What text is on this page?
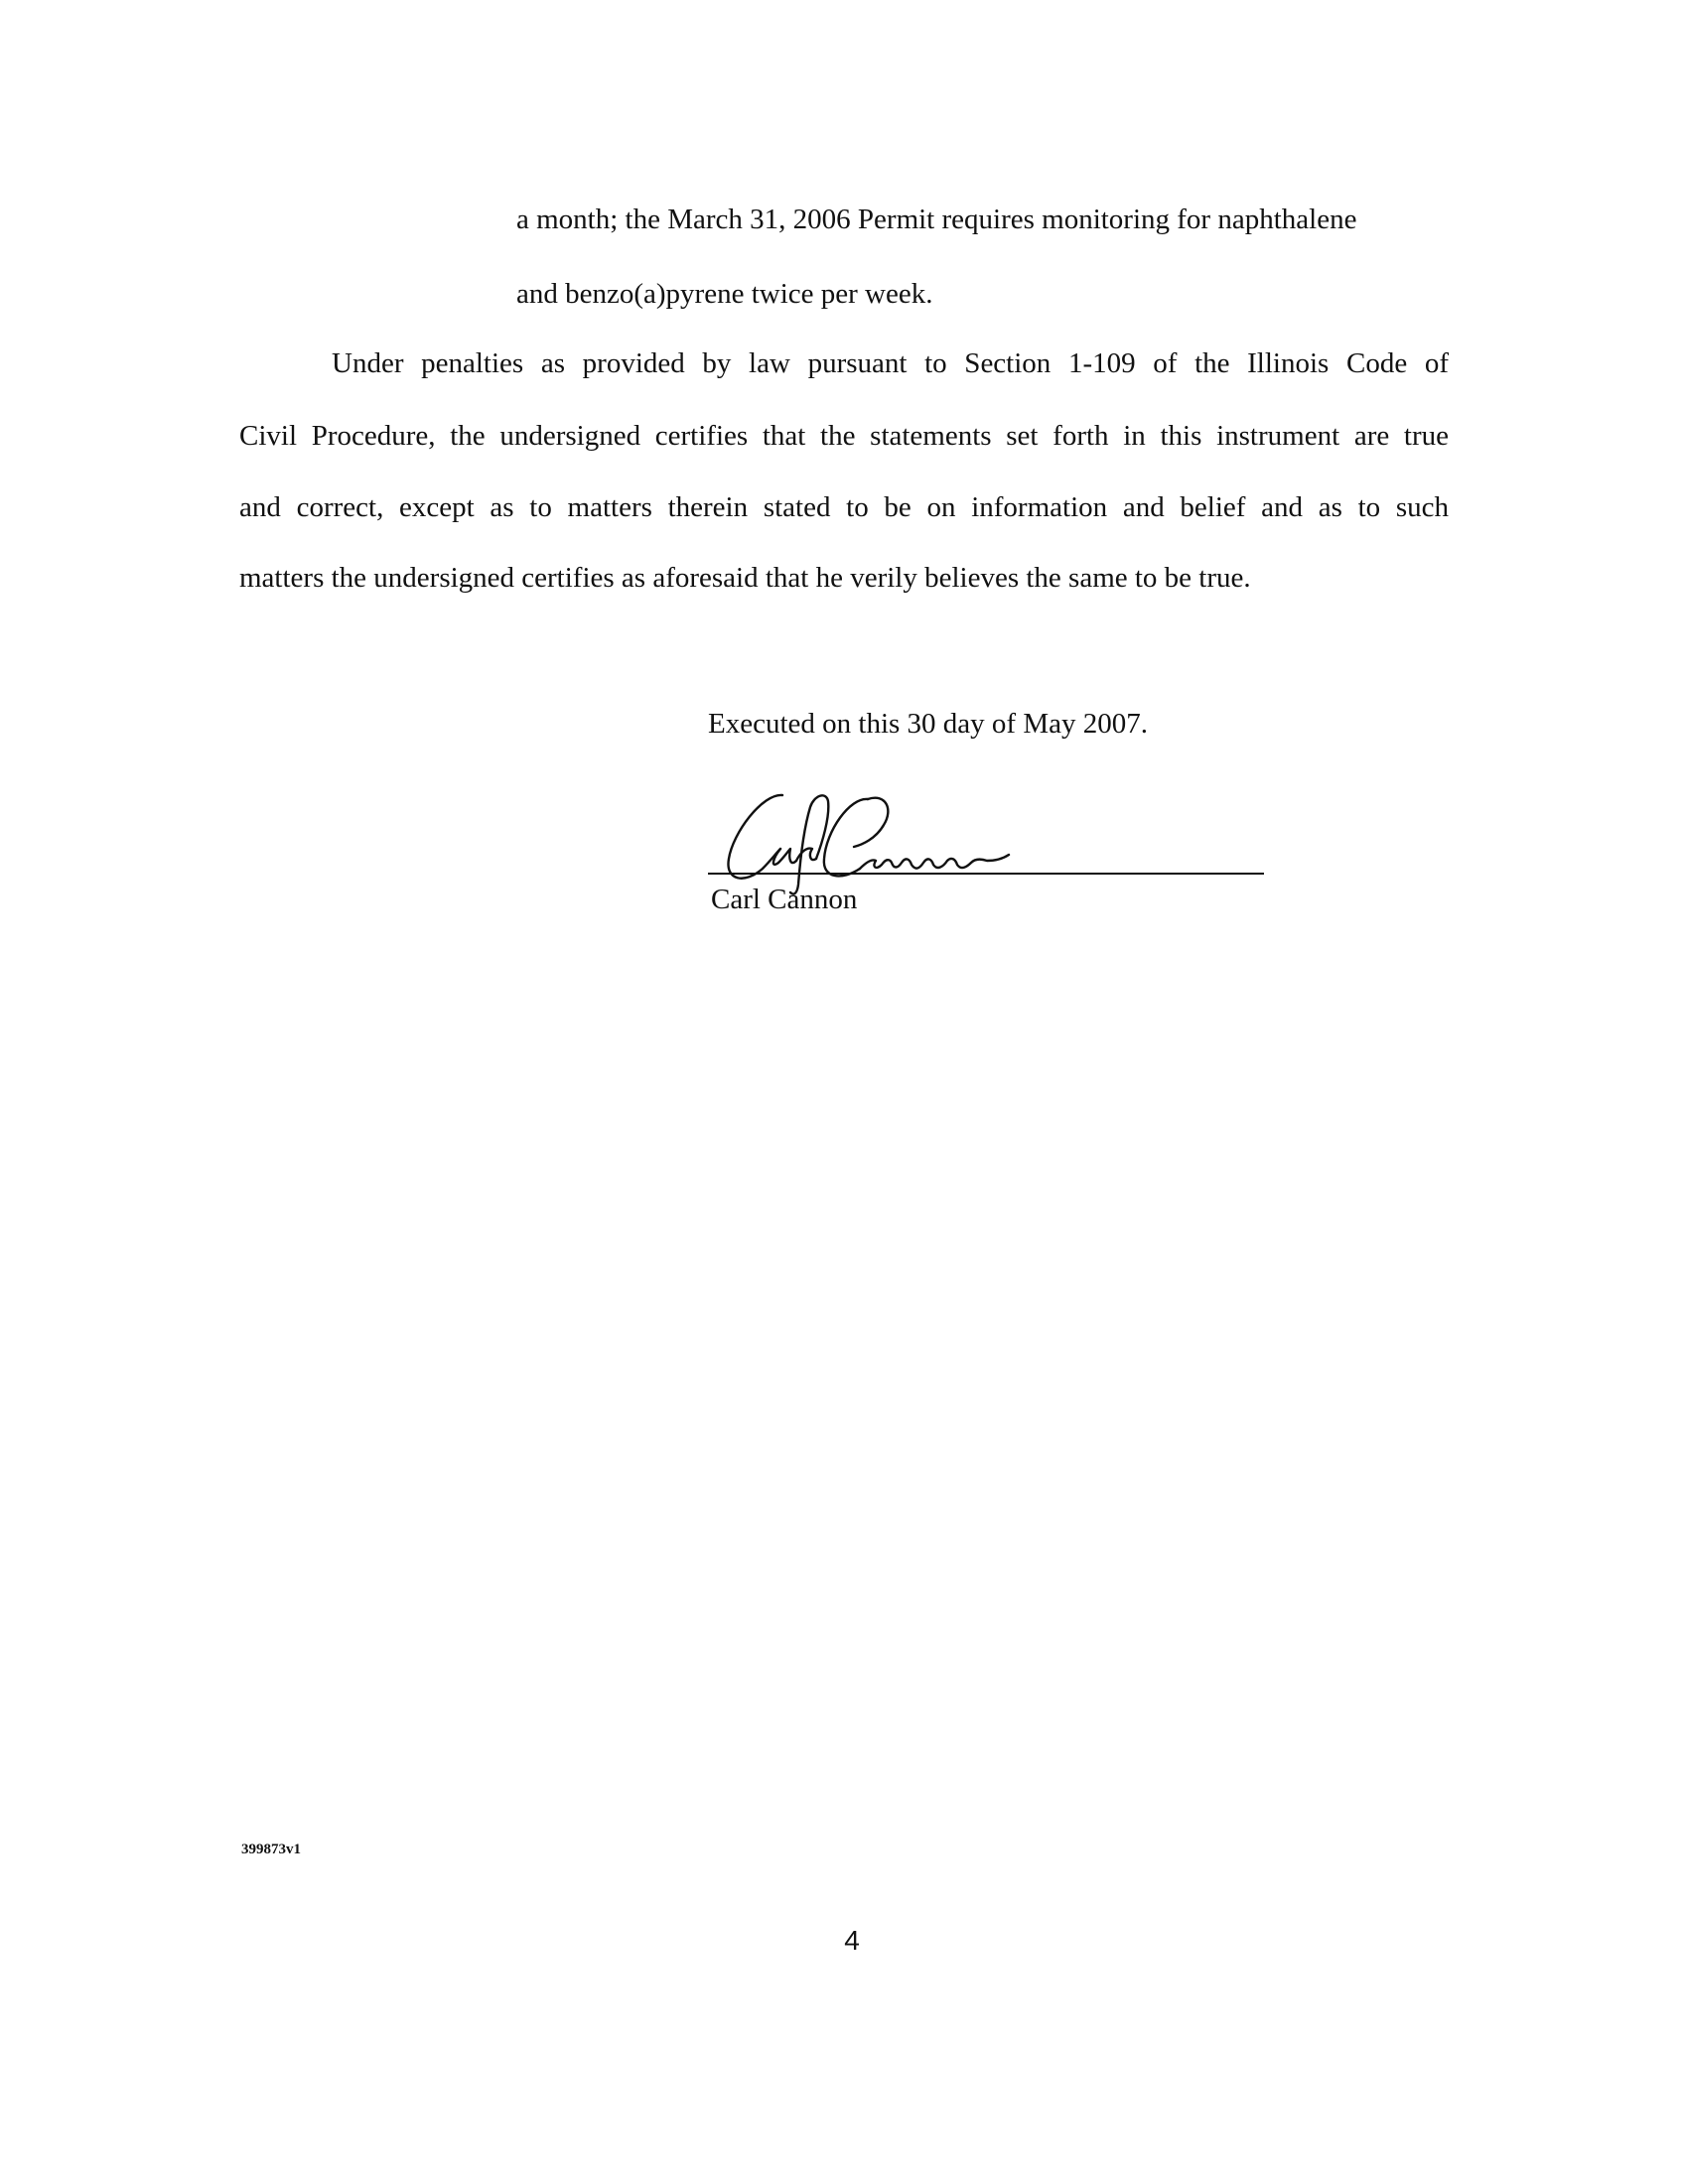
a month; the March 31, 2006 Permit requires monitoring for naphthalene
and benzo(a)pyrene twice per week.
Under penalties as provided by law pursuant to Section 1-109 of the Illinois Code of
Civil Procedure, the undersigned certifies that the statements set forth in this instrument are true
and correct, except as to matters therein stated to be on information and belief and as to such
matters the undersigned certifies as aforesaid that he verily believes the same to be true.
Executed on this 30 day of May 2007.
Carl Cannon
399873v1
4
